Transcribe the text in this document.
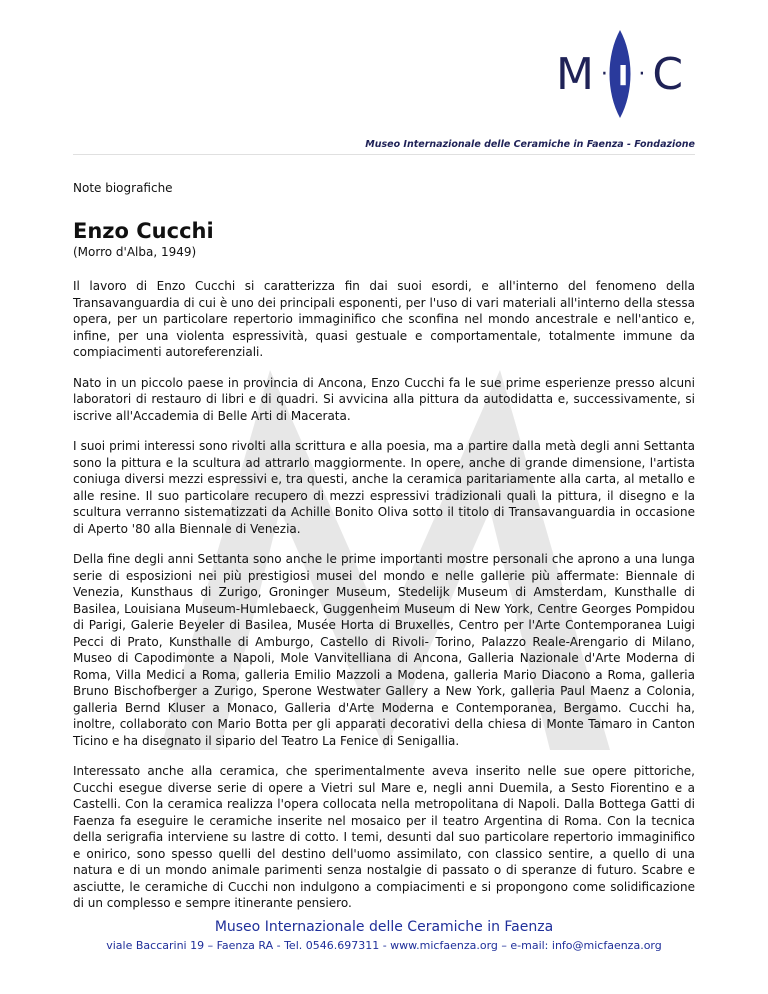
M · I · C
Museo Internazionale delle Ceramiche in Faenza - Fondazione
Note biografiche
Enzo Cucchi
(Morro d'Alba, 1949)

Il lavoro di Enzo Cucchi si caratterizza fin dai suoi esordi, e all'interno del fenomeno della Transavanguardia di cui è uno dei principali esponenti, per l'uso di vari materiali all'interno della stessa opera, per un particolare repertorio immaginifico che sconfina nel mondo ancestrale e nell'antico e, infine, per una violenta espressività, quasi gestuale e comportamentale, totalmente immune da compiacimenti autoreferenziali.

Nato in un piccolo paese in provincia di Ancona, Enzo Cucchi fa le sue prime esperienze presso alcuni laboratori di restauro di libri e di quadri. Si avvicina alla pittura da autodidatta e, successivamente, si iscrive all'Accademia di Belle Arti di Macerata.

I suoi primi interessi sono rivolti alla scrittura e alla poesia, ma a partire dalla metà degli anni Settanta sono la pittura e la scultura ad attrarlo maggiormente. In opere, anche di grande dimensione, l'artista coniuga diversi mezzi espressivi e, tra questi, anche la ceramica paritariamente alla carta, al metallo e alle resine. Il suo particolare recupero di mezzi espressivi tradizionali quali la pittura, il disegno e la scultura verranno sistematizzati da Achille Bonito Oliva sotto il titolo di Transavanguardia in occasione di Aperto '80 alla Biennale di Venezia.

Della fine degli anni Settanta sono anche le prime importanti mostre personali che aprono a una lunga serie di esposizioni nei più prestigiosi musei del mondo e nelle gallerie più affermate: Biennale di Venezia, Kunsthaus di Zurigo, Groninger Museum, Stedelijk Museum di Amsterdam, Kunsthalle di Basilea, Louisiana Museum-Humlebaeck, Guggenheim Museum di New York, Centre Georges Pompidou di Parigi, Galerie Beyeler di Basilea, Musée Horta di Bruxelles, Centro per l'Arte Contemporanea Luigi Pecci di Prato, Kunsthalle di Amburgo, Castello di Rivoli- Torino, Palazzo Reale-Arengario di Milano, Museo di Capodimonte a Napoli, Mole Vanvitelliana di Ancona, Galleria Nazionale d'Arte Moderna di Roma, Villa Medici a Roma, galleria Emilio Mazzoli a Modena, galleria Mario Diacono a Roma, galleria Bruno Bischofberger a Zurigo, Sperone Westwater Gallery a New York, galleria Paul Maenz a Colonia, galleria Bernd Kluser a Monaco, Galleria d'Arte Moderna e Contemporanea, Bergamo. Cucchi ha, inoltre, collaborato con Mario Botta per gli apparati decorativi della chiesa di Monte Tamaro in Canton Ticino e ha disegnato il sipario del Teatro La Fenice di Senigallia.

Interessato anche alla ceramica, che sperimentalmente aveva inserito nelle sue opere pittoriche, Cucchi esegue diverse serie di opere a Vietri sul Mare e, negli anni Duemila, a Sesto Fiorentino e a Castelli. Con la ceramica realizza l'opera collocata nella metropolitana di Napoli. Dalla Bottega Gatti di Faenza fa eseguire le ceramiche inserite nel mosaico per il teatro Argentina di Roma. Con la tecnica della serigrafia interviene su lastre di cotto. I temi, desunti dal suo particolare repertorio immaginifico e onirico, sono spesso quelli del destino dell'uomo assimilato, con classico sentire, a quello di una natura e di un mondo animale parimenti senza nostalgie di passato o di speranze di futuro. Scabre e asciutte, le ceramiche di Cucchi non indulgono a compiacimenti e si propongono come solidificazione di un complesso e sempre itinerante pensiero.

Museo Internazionale delle Ceramiche in Faenza

viale Baccarini 19 – Faenza RA - Tel. 0546.697311 - www.micfaenza.org – e-mail: info@micfaenza.org
